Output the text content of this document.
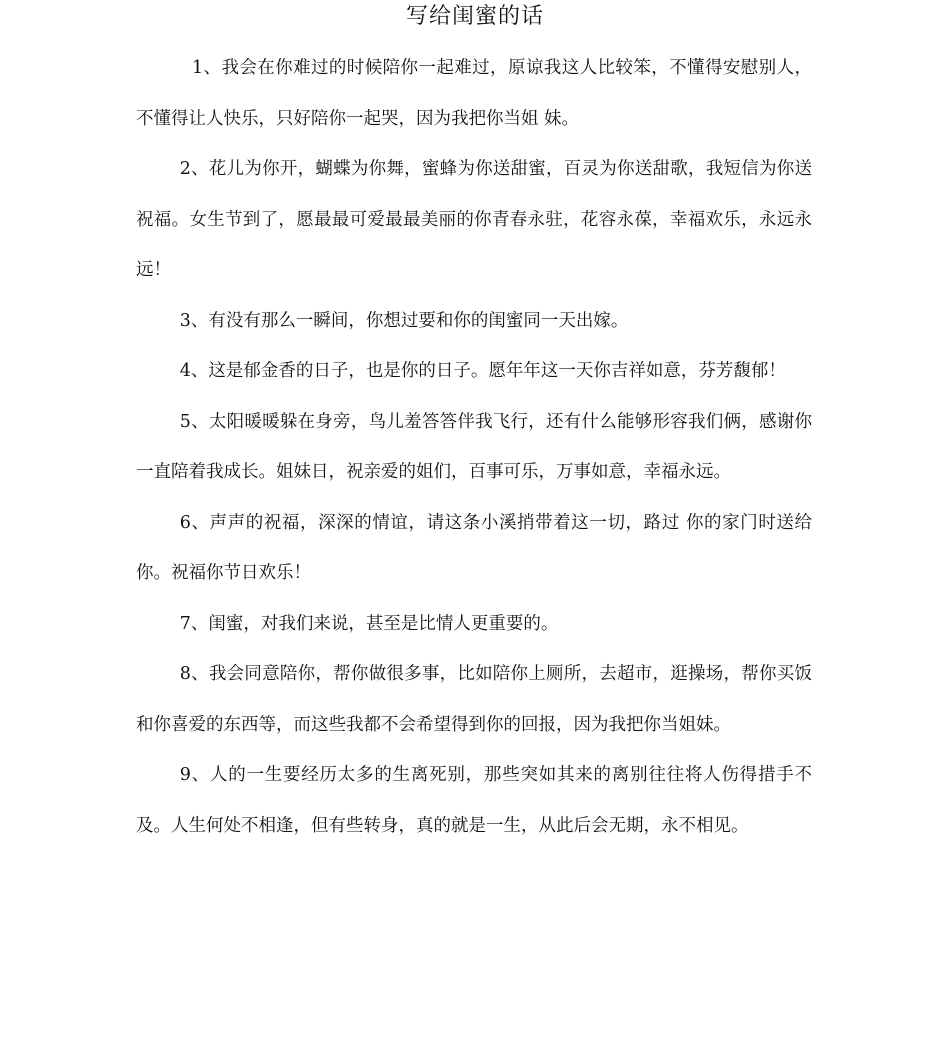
写给闺蜜的话

1、我会在你难过的时候陪你一起难过，原谅我这人比较笨，不懂得安慰别人，不懂得让人快乐，只好陪你一起哭，因为我把你当姐 妹。

2、花儿为你开，蝴蝶为你舞，蜜蜂为你送甜蜜，百灵为你送甜歌，我短信为你送祝福。女生节到了，愿最最可爱最最美丽的你青春永驻，花容永葆，幸福欢乐，永远永远！

3、有没有那么一瞬间，你想过要和你的闺蜜同一天出嫁。

4、这是郁金香的日子，也是你的日子。愿年年这一天你吉祥如意，芬芳馥郁！

5、太阳暖暖躲在身旁，鸟儿羞答答伴我飞行，还有什么能够形容我们俩，感谢你一直陪着我成长。姐妹日，祝亲爱的姐们，百事可乐，万事如意，幸福永远。

6、声声的祝福，深深的情谊，请这条小溪捎带着这一切，路过 你的家门时送给你。祝福你节日欢乐！

7、闺蜜，对我们来说，甚至是比情人更重要的。

8、我会同意陪你，帮你做很多事，比如陪你上厕所，去超市，逛操场，帮你买饭和你喜爱的东西等，而这些我都不会希望得到你的回报，因为我把你当姐妹。

9、人的一生要经历太多的生离死别，那些突如其来的离别往往将人伤得措手不及。人生何处不相逢，但有些转身，真的就是一生，从此后会无期，永不相见。
